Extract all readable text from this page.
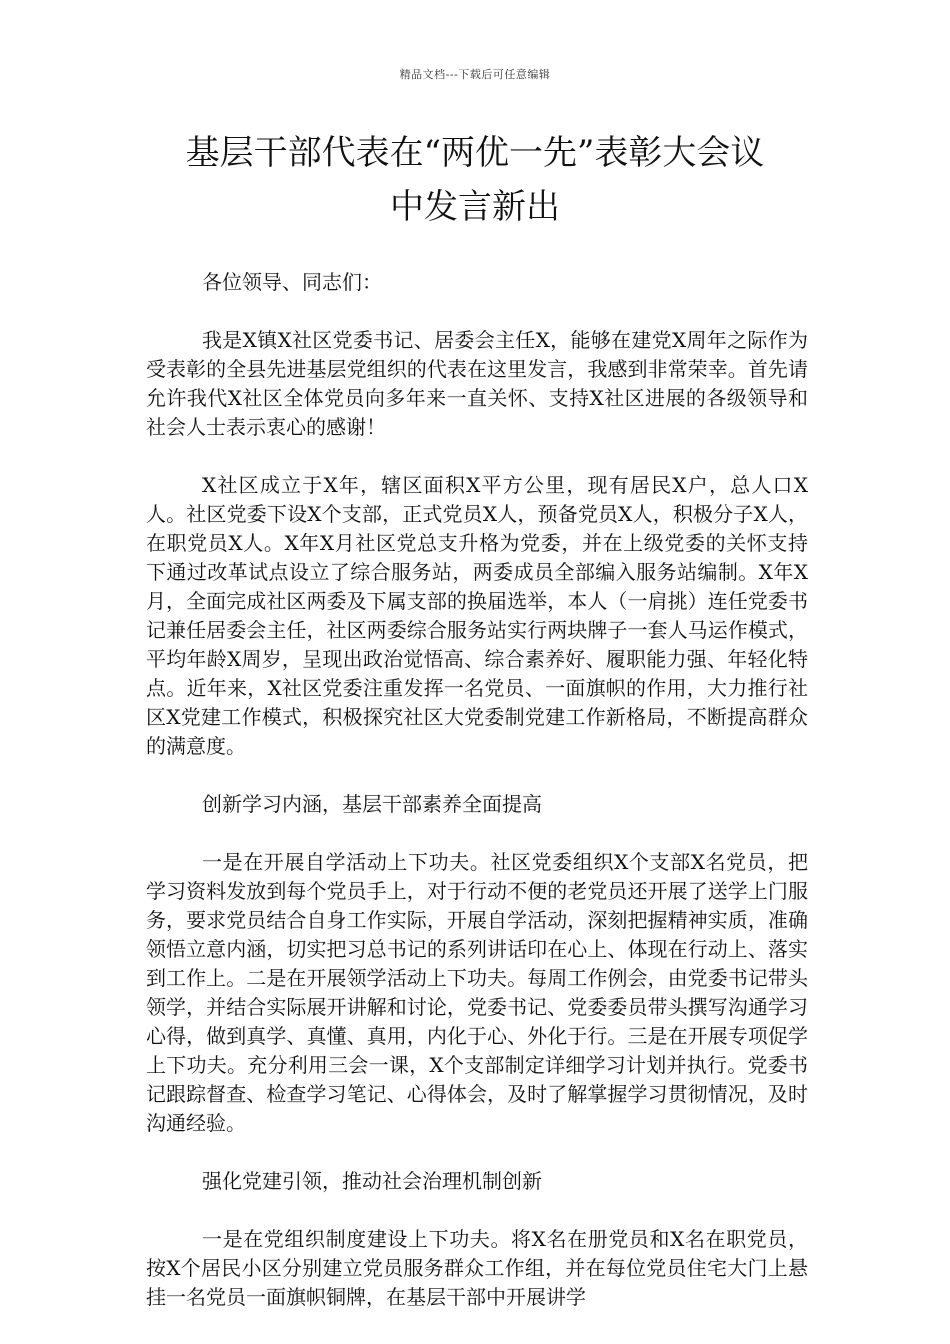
精品文档---下载后可任意编辑
基层干部代表在“两优一先”表彰大会议
中发言新出

各位领导、同志们：

我是X镇X社区党委书记、居委会主任X，能够在建党X周年之际作为受表彰的全县先进基层党组织的代表在这里发言，我感到非常荣幸。首先请允许我代X社区全体党员向多年来一直关怀、支持X社区进展的各级领导和社会人士表示衷心的感谢！

X社区成立于X年，辖区面积X平方公里，现有居民X户，总人口X人。社区党委下设X个支部，正式党员X人，预备党员X人，积极分子X人，在职党员X人。X年X月社区党总支升格为党委，并在上级党委的关怀支持下通过改革试点设立了综合服务站，两委成员全部编入服务站编制。X年X月，全面完成社区两委及下属支部的换届选举，本人（一肩挑）连任党委书记兼任居委会主任，社区两委综合服务站实行两块牌子一套人马运作模式，平均年龄X周岁，呈现出政治觉悟高、综合素养好、履职能力强、年轻化特点。近年来，X社区党委注重发挥一名党员、一面旗帜的作用，大力推行社区X党建工作模式，积极探究社区大党委制党建工作新格局，不断提高群众的满意度。

创新学习内涵，基层干部素养全面提高

一是在开展自学活动上下功夫。社区党委组织X个支部X名党员，把学习资料发放到每个党员手上，对于行动不便的老党员还开展了送学上门服务，要求党员结合自身工作实际，开展自学活动，深刻把握精神实质，准确领悟立意内涵，切实把习总书记的系列讲话印在心上、体现在行动上、落实到工作上。二是在开展领学活动上下功夫。每周工作例会，由党委书记带头领学，并结合实际展开讲解和讨论，党委书记、党委委员带头撰写沟通学习心得，做到真学、真懂、真用，内化于心、外化于行。三是在开展专项促学上下功夫。充分利用三会一课，X个支部制定详细学习计划并执行。党委书记跟踪督查、检查学习笔记、心得体会，及时了解掌握学习贯彻情况，及时沟通经验。

强化党建引领，推动社会治理机制创新

一是在党组织制度建设上下功夫。将X名在册党员和X名在职党员，按X个居民小区分别建立党员服务群众工作组，并在每位党员住宅大门上悬挂一名党员一面旗帜铜牌，在基层干部中开展讲学
